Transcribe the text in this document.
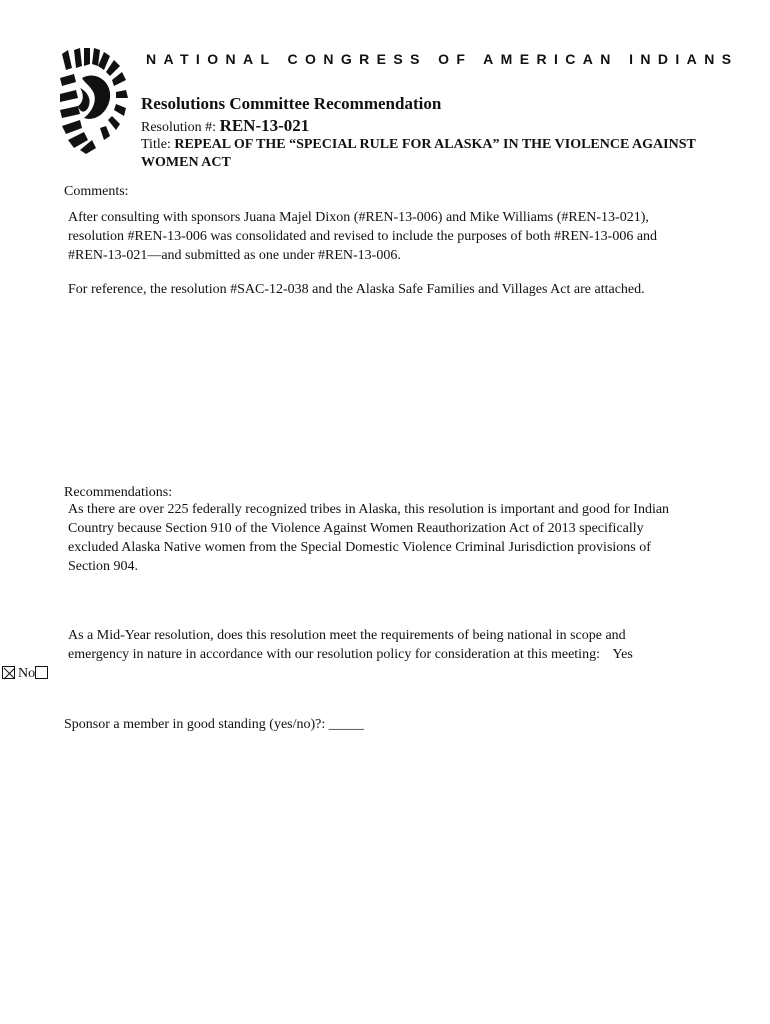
NATIONAL CONGRESS OF AMERICAN INDIANS
Resolutions Committee Recommendation
Resolution #: REN-13-021
Title: REPEAL OF THE “SPECIAL RULE FOR ALASKA” IN THE VIOLENCE AGAINST WOMEN ACT
Comments:
After consulting with sponsors Juana Majel Dixon (#REN-13-006) and Mike Williams (#REN-13-021), resolution #REN-13-006 was consolidated and revised to include the purposes of both #REN-13-006 and #REN-13-021—and submitted as one under #REN-13-006.
For reference, the resolution #SAC-12-038 and the Alaska Safe Families and Villages Act are attached.
Recommendations:
As there are over 225 federally recognized tribes in Alaska, this resolution is important and good for Indian Country because Section 910 of the Violence Against Women Reauthorization Act of 2013 specifically excluded Alaska Native women from the Special Domestic Violence Criminal Jurisdiction provisions of Section 904.
As a Mid-Year resolution, does this resolution meet the requirements of being national in scope and emergency in nature in accordance with our resolution policy for consideration at this meeting: Yes

No
Sponsor a member in good standing (yes/no)?: _____
